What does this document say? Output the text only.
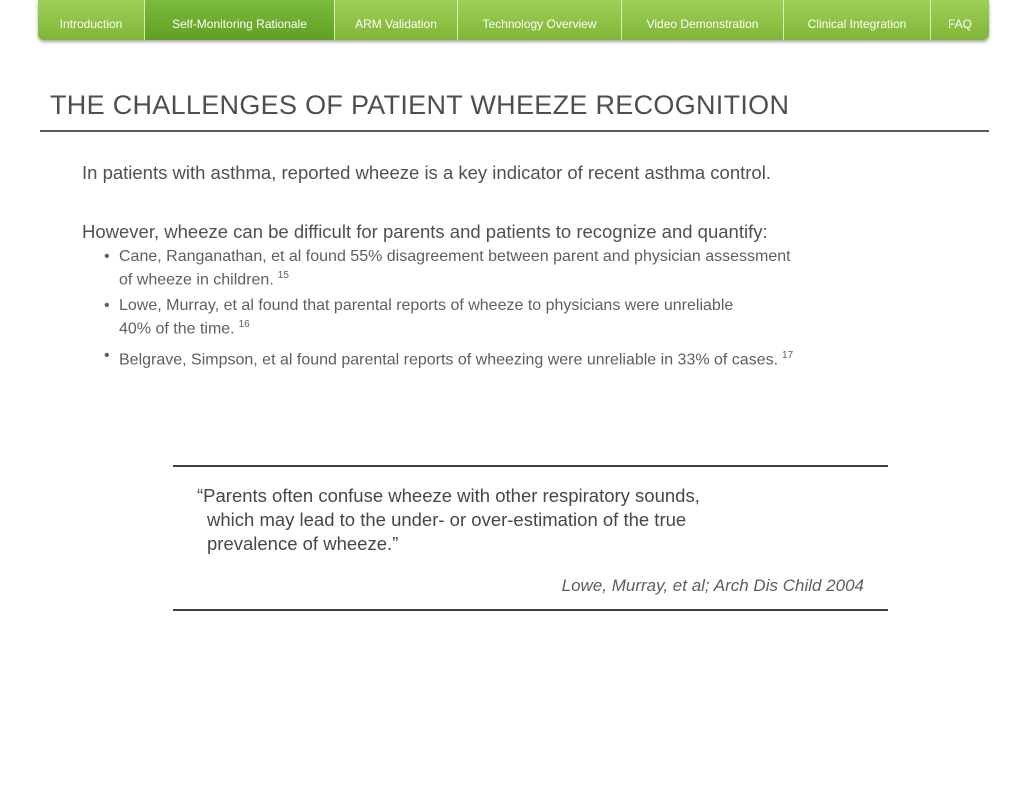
Introduction	Self-Monitoring Rationale	ARM Validation	Technology Overview	Video Demonstration	Clinical Integration	FAQ
THE CHALLENGES OF PATIENT WHEEZE RECOGNITION

In patients with asthma, reported wheeze is a key indicator of recent asthma control.

However, wheeze can be difficult for parents and patients to recognize and quantify:

• Cane, Ranganathan, et al found 55% disagreement between parent and physician assessment
of wheeze in children. $^{15}$
• Lowe, Murray, et al found that parental reports of wheeze to physicians were unreliable
40% of the time. $^{16}$
• Belgrave, Simpson, et al found parental reports of wheezing were unreliable in 33% of cases. $^{17}$
“Parents often confuse wheeze with other respiratory sounds,
which may lead to the under- or over-estimation of the true
prevalence of wheeze.”
Lowe, Murray, et al; Arch Dis Child 2004
